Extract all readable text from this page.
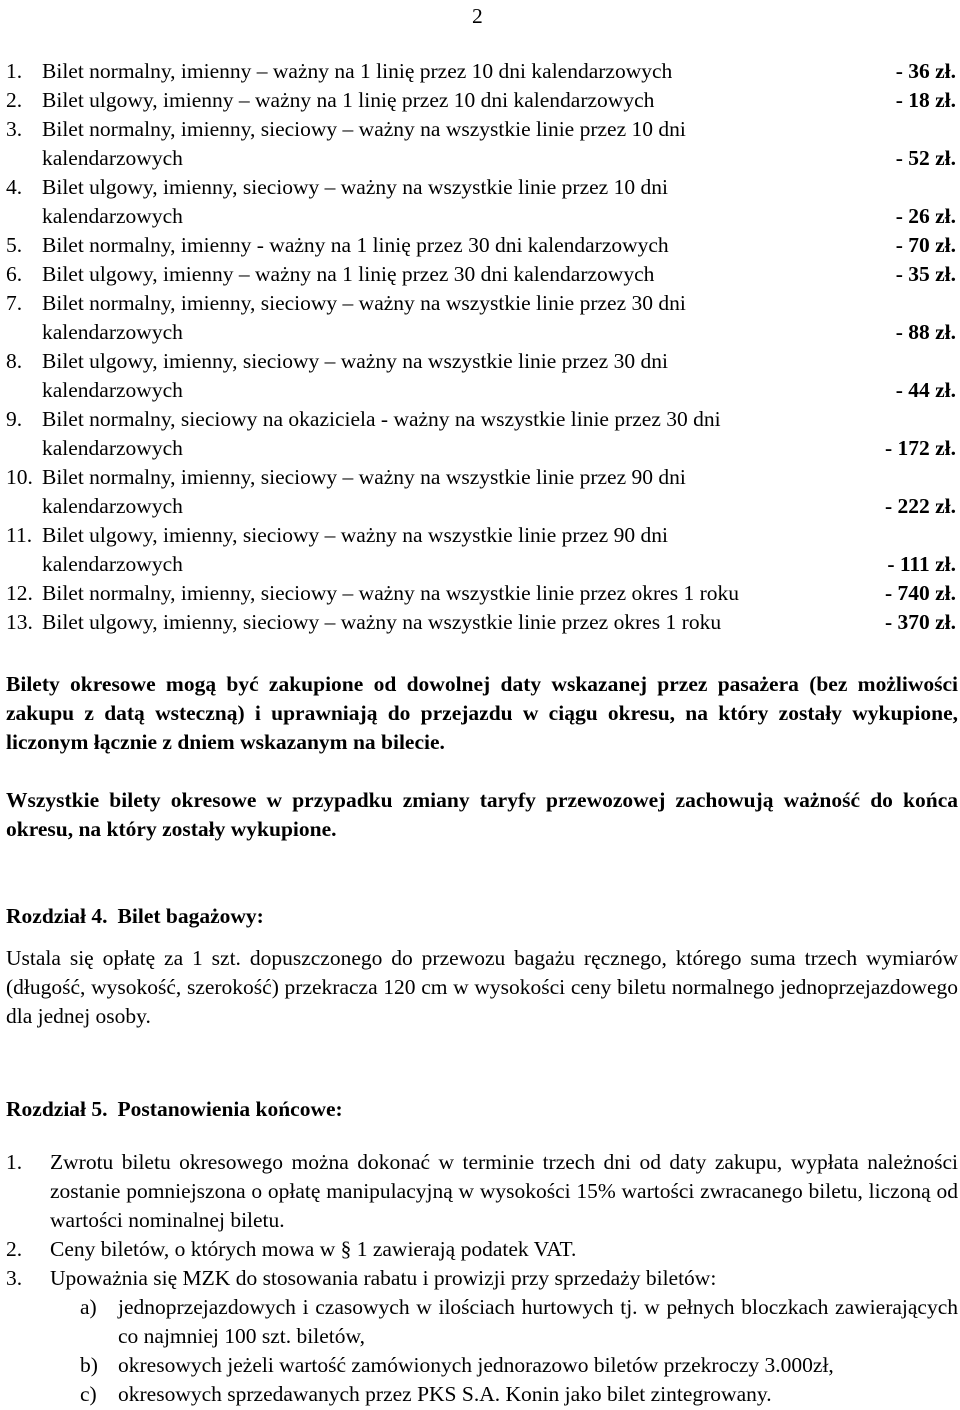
2
1. Bilet normalny, imienny – ważny na 1 linię przez 10 dni kalendarzowych	- 36 zł.
2. Bilet ulgowy, imienny – ważny na 1 linię przez 10 dni kalendarzowych	- 18 zł.
3. Bilet normalny, imienny, sieciowy – ważny na wszystkie linie przez 10 dni
kalendarzowych	- 52 zł.
4. Bilet ulgowy, imienny, sieciowy – ważny na wszystkie linie przez 10 dni
kalendarzowych	- 26 zł.
5. Bilet normalny, imienny - ważny na 1 linię przez 30 dni kalendarzowych	- 70 zł.
6. Bilet ulgowy, imienny – ważny na 1 linię przez 30 dni kalendarzowych	- 35 zł.
7. Bilet normalny, imienny, sieciowy – ważny na wszystkie linie przez 30 dni
kalendarzowych	- 88 zł.
8. Bilet ulgowy, imienny, sieciowy – ważny na wszystkie linie przez 30 dni
kalendarzowych	- 44 zł.
9. Bilet normalny, sieciowy na okaziciela - ważny na wszystkie linie przez 30 dni
kalendarzowych	- 172 zł.
10. Bilet normalny, imienny, sieciowy – ważny na wszystkie linie przez 90 dni
kalendarzowych	- 222 zł.
11. Bilet ulgowy, imienny, sieciowy – ważny na wszystkie linie przez 90 dni
kalendarzowych	- 111 zł.
12. Bilet normalny, imienny, sieciowy – ważny na wszystkie linie przez okres 1 roku	- 740 zł.
13. Bilet ulgowy, imienny, sieciowy – ważny na wszystkie linie przez okres 1 roku	- 370 zł.
Bilety okresowe mogą być zakupione od dowolnej daty wskazanej przez pasażera (bez możliwości zakupu z datą wsteczną) i uprawniają do przejazdu w ciągu okresu, na który zostały wykupione, liczonym łącznie z dniem wskazanym na bilecie.
Wszystkie bilety okresowe w przypadku zmiany taryfy przewozowej zachowują ważność do końca okresu, na który zostały wykupione.
Rozdział 4. Bilet bagażowy:
Ustala się opłatę za 1 szt. dopuszczonego do przewozu bagażu ręcznego, którego suma trzech wymiarów (długość, wysokość, szerokość) przekracza 120 cm w wysokości ceny biletu normalnego jednoprzejazdowego dla jednej osoby.
Rozdział 5. Postanowienia końcowe:
1.	Zwrotu biletu okresowego można dokonać w terminie trzech dni od daty zakupu, wypłata należności zostanie pomniejszona o opłatę manipulacyjną w wysokości 15% wartości zwracanego biletu, liczoną od wartości nominalnej biletu.
2.	Ceny biletów, o których mowa w § 1 zawierają podatek VAT.
3.	Upoważnia się MZK do stosowania rabatu i prowizji przy sprzedaży biletów:
a) jednoprzejazdowych i czasowych w ilościach hurtowych tj. w pełnych bloczkach zawierających co najmniej 100 szt. biletów,
b) okresowych jeżeli wartość zamówionych jednorazowo biletów przekroczy 3.000zł,
c) okresowych sprzedawanych przez PKS S.A. Konin jako bilet zintegrowany.
